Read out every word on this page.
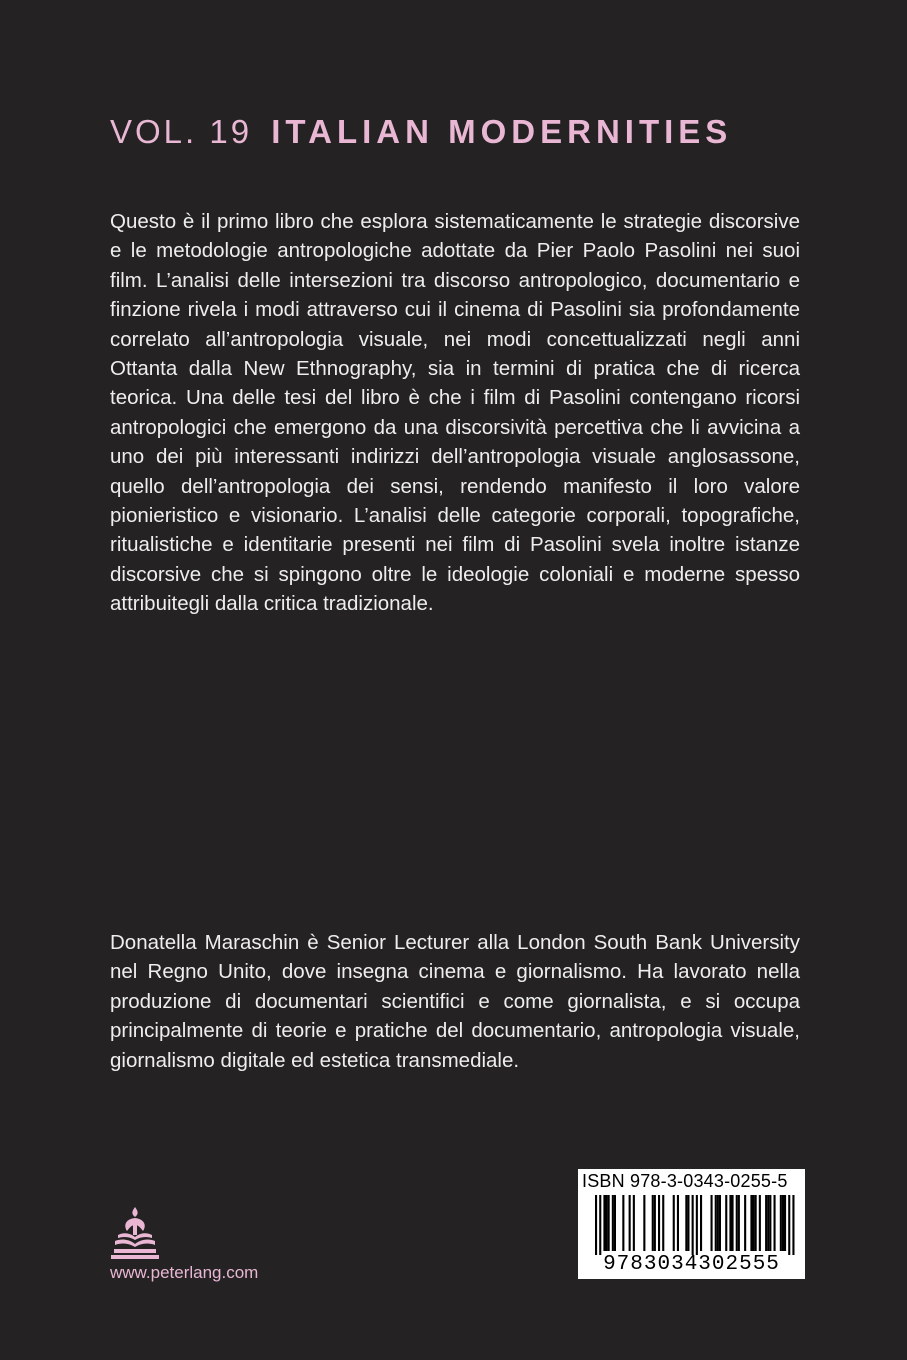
VOL. 19 ITALIAN MODERNITIES

Questo è il primo libro che esplora sistematicamente le strategie discorsive e le metodologie antropologiche adottate da Pier Paolo Pasolini nei suoi film. L’analisi delle intersezioni tra discorso antropologico, documentario e finzione rivela i modi attraverso cui il cinema di Pasolini sia profondamente correlato all’antropologia visuale, nei modi concettualizzati negli anni Ottanta dalla New Ethnography, sia in termini di pratica che di ricerca teorica. Una delle tesi del libro è che i film di Pasolini contengano ricorsi antropologici che emergono da una discorsività percettiva che li avvicina a uno dei più interessanti indirizzi dell’antropologia visuale anglosassone, quello dell’antropologia dei sensi, rendendo manifesto il loro valore pionieristico e visionario. L’analisi delle categorie corporali, topografiche, ritualistiche e identitarie presenti nei film di Pasolini svela inoltre istanze discorsive che si spingono oltre le ideologie coloniali e moderne spesso attribuitegli dalla critica tradizionale.

Donatella Maraschin è Senior Lecturer alla London South Bank University nel Regno Unito, dove insegna cinema e giornalismo. Ha lavorato nella produzione di documentari scientifici e come giornalista, e si occupa principalmente di teorie e pratiche del documentario, antropologia visuale, giornalismo digitale ed estetica transmediale.

www.peterlang.com
ISBN 978-3-0343-0255-5
9783034302555
